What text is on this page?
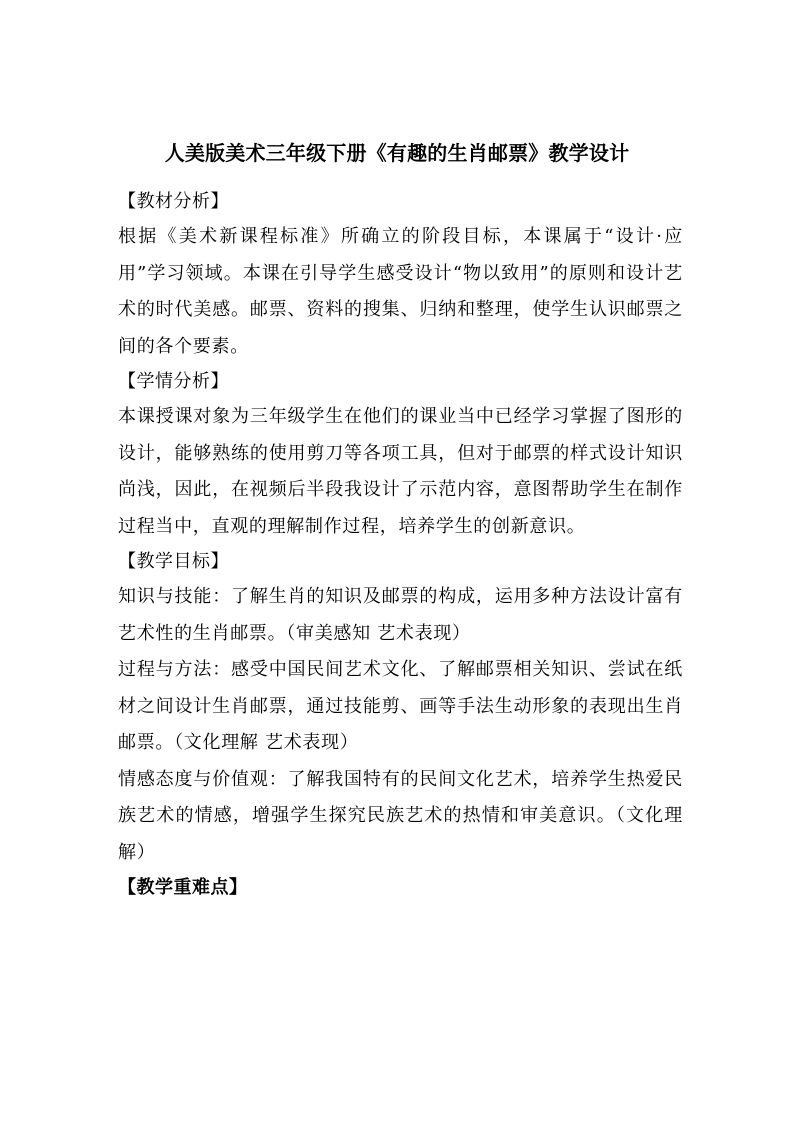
人美版美术三年级下册《有趣的生肖邮票》教学设计

【教材分析】

根据《美术新课程标准》所确立的阶段目标，本课属于“设计·应用”学习领域。本课在引导学生感受设计“物以致用”的原则和设计艺术的时代美感。邮票、资料的搜集、归纳和整理，使学生认识邮票之间的各个要素。

【学情分析】

本课授课对象为三年级学生在他们的课业当中已经学习掌握了图形的设计，能够熟练的使用剪刀等各项工具，但对于邮票的样式设计知识尚浅，因此，在视频后半段我设计了示范内容，意图帮助学生在制作过程当中，直观的理解制作过程，培养学生的创新意识。

【教学目标】

知识与技能：了解生肖的知识及邮票的构成，运用多种方法设计富有艺术性的生肖邮票。（审美感知 艺术表现）

过程与方法：感受中国民间艺术文化、了解邮票相关知识、尝试在纸材之间设计生肖邮票，通过技能剪、画等手法生动形象的表现出生肖邮票。（文化理解 艺术表现）

情感态度与价值观：了解我国特有的民间文化艺术，培养学生热爱民族艺术的情感，增强学生探究民族艺术的热情和审美意识。（文化理解）

【教学重难点】
